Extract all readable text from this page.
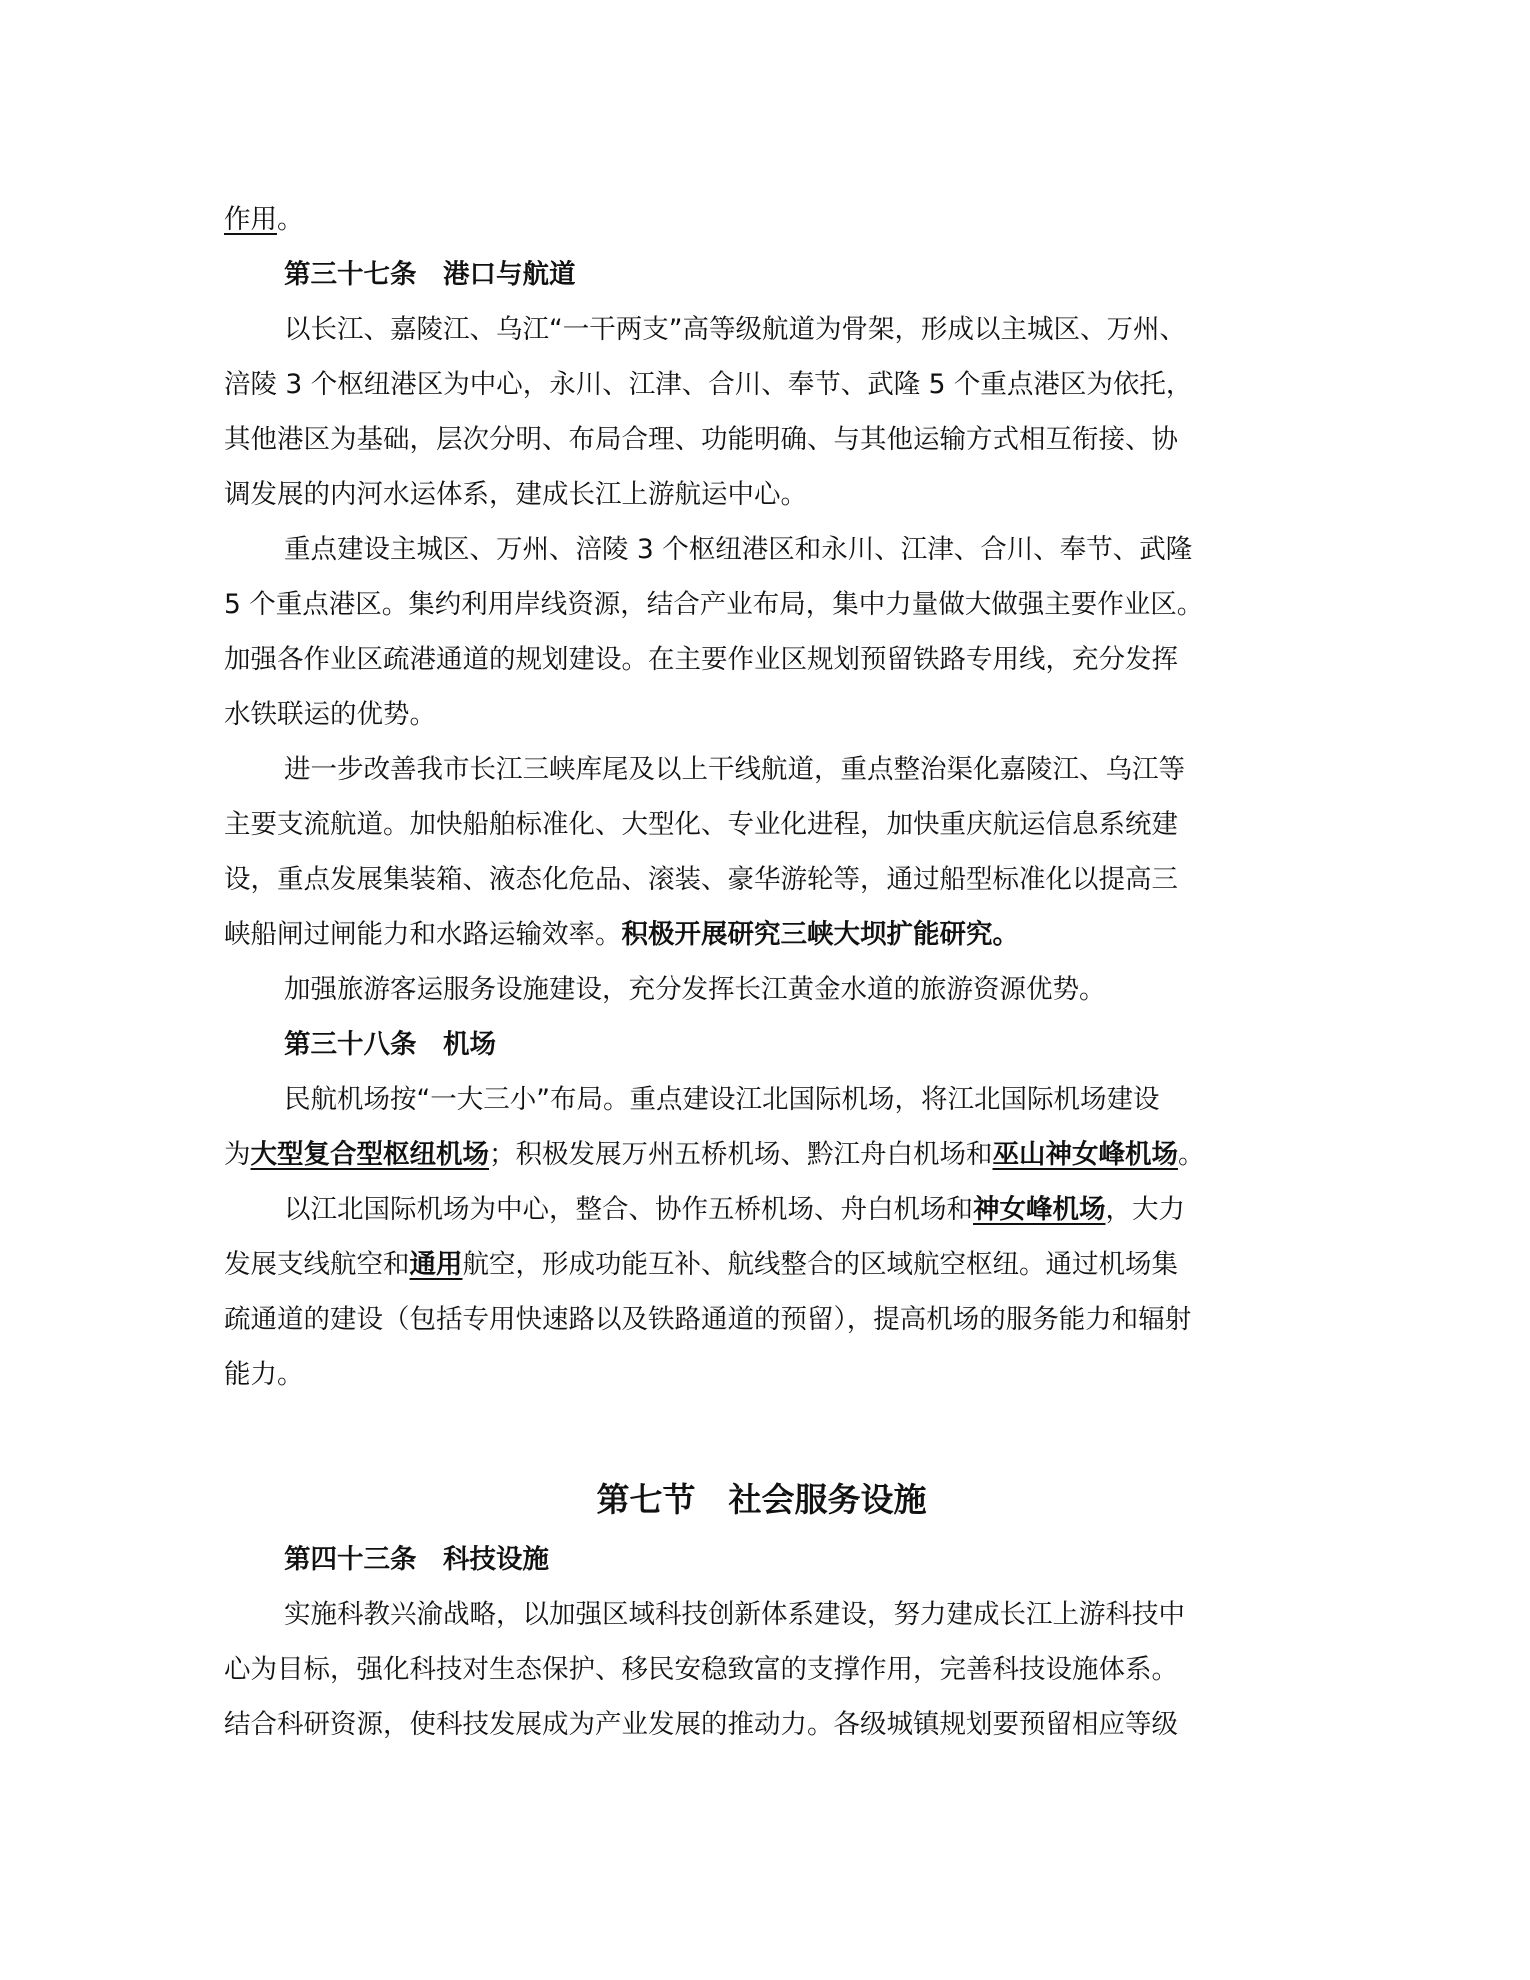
作用。

第三十七条　港口与航道

以长江、嘉陵江、乌江“一干两支”高等级航道为骨架，形成以主城区、万州、

涪陵 3 个枢纽港区为中心，永川、江津、合川、奉节、武隆 5 个重点港区为依托，

其他港区为基础，层次分明、布局合理、功能明确、与其他运输方式相互衔接、协

调发展的内河水运体系，建成长江上游航运中心。

重点建设主城区、万州、涪陵 3 个枢纽港区和永川、江津、合川、奉节、武隆

5 个重点港区。集约利用岸线资源，结合产业布局，集中力量做大做强主要作业区。

加强各作业区疏港通道的规划建设。在主要作业区规划预留铁路专用线，充分发挥

水铁联运的优势。

进一步改善我市长江三峡库尾及以上干线航道，重点整治渠化嘉陵江、乌江等

主要支流航道。加快船舶标准化、大型化、专业化进程，加快重庆航运信息系统建

设，重点发展集装箱、液态化危品、滚装、豪华游轮等，通过船型标准化以提高三

峡船闸过闸能力和水路运输效率。积极开展研究三峡大坝扩能研究。

加强旅游客运服务设施建设，充分发挥长江黄金水道的旅游资源优势。

第三十八条　机场

民航机场按“一大三小”布局。重点建设江北国际机场，将江北国际机场建设

为大型复合型枢纽机场；积极发展万州五桥机场、黔江舟白机场和巫山神女峰机场。

以江北国际机场为中心，整合、协作五桥机场、舟白机场和神女峰机场，大力

发展支线航空和通用航空，形成功能互补、航线整合的区域航空枢纽。通过机场集

疏通道的建设（包括专用快速路以及铁路通道的预留），提高机场的服务能力和辐射

能力。

第七节　社会服务设施

第四十三条　科技设施

实施科教兴渝战略，以加强区域科技创新体系建设，努力建成长江上游科技中

心为目标，强化科技对生态保护、移民安稳致富的支撑作用，完善科技设施体系。

结合科研资源，使科技发展成为产业发展的推动力。各级城镇规划要预留相应等级
